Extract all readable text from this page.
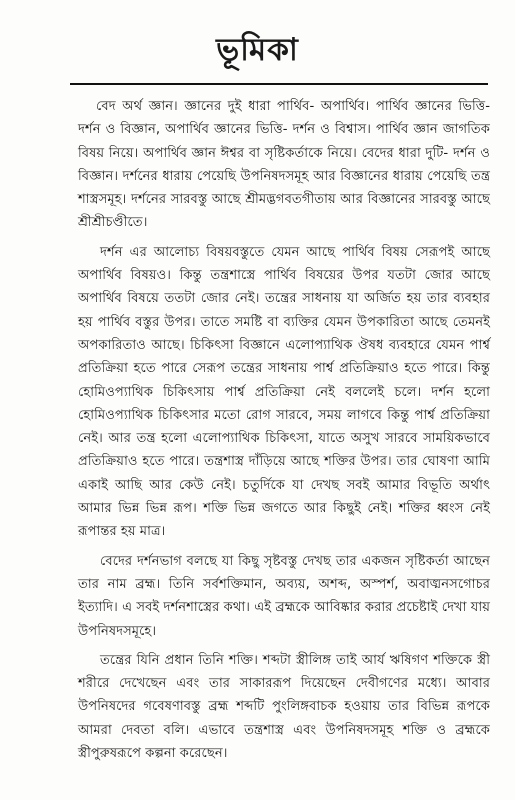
ভূমিকা

বেদ অর্থ জ্ঞান। জ্ঞানের দুই ধারা পার্থিব- অপার্থিব। পার্থিব জ্ঞানের ভিত্তি- দর্শন ও বিজ্ঞান, অপার্থিব জ্ঞানের ভিত্তি- দর্শন ও বিশ্বাস। পার্থিব জ্ঞান জাগতিক বিষয় নিয়ে। অপার্থিব জ্ঞান ঈশ্বর বা সৃষ্টিকর্তাকে নিয়ে। বেদের ধারা দুটি- দর্শন ও বিজ্ঞান। দর্শনের ধারায় পেয়েছি উপনিষদসমূহ আর বিজ্ঞানের ধারায় পেয়েছি তন্ত্র শাস্ত্রসমূহ। দর্শনের সারবস্তু আছে শ্রীমদ্ভগবতগীতায় আর বিজ্ঞানের সারবস্তু আছে শ্রীশ্রীচণ্ডীতে।

দর্শন এর আলোচ্য বিষয়বস্তুতে যেমন আছে পার্থিব বিষয় সেরূপই আছে অপার্থিব বিষয়ও। কিন্তু তন্ত্রশাস্ত্রে পার্থিব বিষয়ের উপর যতটা জোর আছে অপার্থিব বিষয়ে ততটা জোর নেই। তন্ত্রের সাধনায় যা অর্জিত হয় তার ব্যবহার হয় পার্থিব বস্তুর উপর। তাতে সমষ্টি বা ব্যক্তির যেমন উপকারিতা আছে তেমনই অপকারিতাও আছে। চিকিৎসা বিজ্ঞানে এলোপ্যাথিক ঔষধ ব্যবহারে যেমন পার্শ্ব প্রতিক্রিয়া হতে পারে সেরূপ তন্ত্রের সাধনায় পার্শ্ব প্রতিক্রিয়াও হতে পারে। কিন্তু হোমিওপ্যাথিক চিকিৎসায় পার্শ্ব প্রতিক্রিয়া নেই বললেই চলে। দর্শন হলো হোমিওপ্যাথিক চিকিৎসার মতো রোগ সারবে, সময় লাগবে কিন্তু পার্শ্ব প্রতিক্রিয়া নেই। আর তন্ত্র হলো এলোপ্যাথিক চিকিৎসা, যাতে অসুখ সারবে সাময়িকভাবে প্রতিক্রিয়াও হতে পারে। তন্ত্রশাস্ত্র দাঁড়িয়ে আছে শক্তির উপর। তার ঘোষণা আমি একাই আছি আর কেউ নেই। চতুর্দিকে যা দেখছ সবই আমার বিভূতি অর্থাৎ আমার ভিন্ন ভিন্ন রূপ। শক্তি ভিন্ন জগতে আর কিছুই নেই। শক্তির ধ্বংস নেই রূপান্তর হয় মাত্র।

বেদের দর্শনভাগ বলছে যা কিছু সৃষ্টবস্তু দেখছ তার একজন সৃষ্টিকর্তা আছেন তার নাম ব্রহ্ম। তিনি সর্বশক্তিমান, অব্যয়, অশব্দ, অস্পর্শ, অবাঙ্মনসগোচর ইত্যাদি। এ সবই দর্শনশাস্ত্রের কথা। এই ব্রহ্মকে আবিষ্কার করার প্রচেষ্টাই দেখা যায় উপনিষদসমূহে।

তন্ত্রের যিনি প্রধান তিনি শক্তি। শব্দটা স্ত্রীলিঙ্গ তাই আর্য ঋষিগণ শক্তিকে স্ত্রী শরীরে দেখেছেন এবং তার সাকাররূপ দিয়েছেন দেবীগণের মধ্যে। আবার উপনিষদের গবেষণাবস্তু ব্রহ্ম শব্দটি পুংলিঙ্গবাচক হওয়ায় তার বিভিন্ন রূপকে আমরা দেবতা বলি। এভাবে তন্ত্রশাস্ত্র এবং উপনিষদসমূহ শক্তি ও ব্রহ্মকে স্ত্রীপুরুষরূপে কল্পনা করেছেন।
